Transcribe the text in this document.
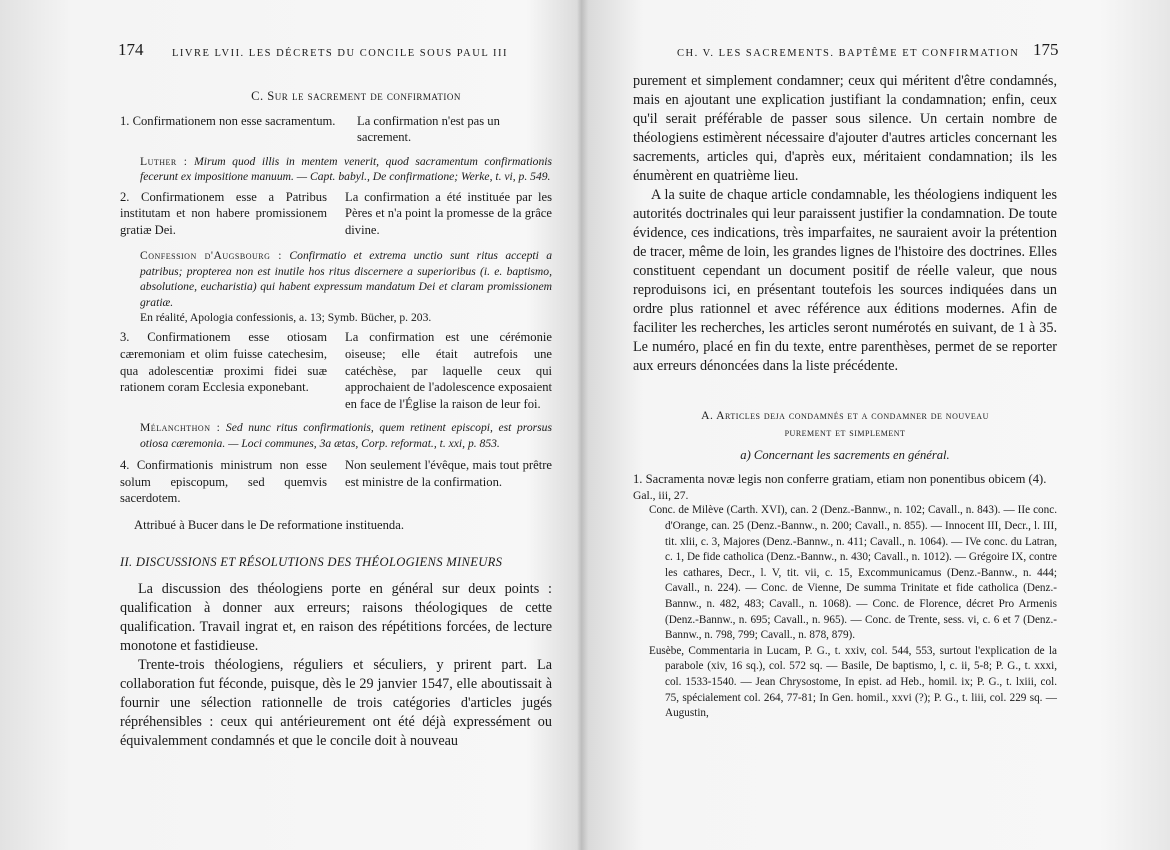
174	LIVRE LVII. LES DÉCRETS DU CONCILE SOUS PAUL III

C. Sur le sacrement de confirmation

1. Confirmationem non esse sacramentum. La confirmation n'est pas un sacrement.

Luther : Mirum quod illis in mentem venerit, quod sacramentum confirmationis fecerunt ex impositione manuum. — Capt. babyl., De confirmatione; Werke, t. vi, p. 549.

2. Confirmationem esse a Patribus institutam et non habere promissionem gratiæ Dei.
La confirmation a été instituée par les Pères et n'a point la promesse de la grâce divine.

Confession d'Augsbourg : Confirmatio et extrema unctio sunt ritus accepti a patribus; propterea non est inutile hos ritus discernere a superioribus (i. e. baptismo, absolutione, eucharistia) qui habent expressum mandatum Dei et claram promissionem gratiæ.

En réalité, Apologia confessionis, a. 13; Symb. Bücher, p. 203.

3. Confirmationem esse otiosam cæremoniam et olim fuisse catechesim, qua adolescentiæ proximi fidei suæ rationem coram Ecclesia exponebant.
La confirmation est une cérémonie oiseuse; elle était autrefois une catéchèse, par laquelle ceux qui approchaient de l'adolescence exposaient en face de l'Église la raison de leur foi.

Mélanchthon : Sed nunc ritus confirmationis, quem retinent episcopi, est prorsus otiosa cæremonia. — Loci communes, 3a ætas, Corp. reformat., t. xxi, p. 853.

4. Confirmationis ministrum non esse solum episcopum, sed quemvis sacerdotem.
Non seulement l'évêque, mais tout prêtre est ministre de la confirmation.

Attribué à Bucer dans le De reformatione instituenda.

II. DISCUSSIONS ET RÉSOLUTIONS DES THÉOLOGIENS MINEURS

La discussion des théologiens porte en général sur deux points : qualification à donner aux erreurs; raisons théologiques de cette qualification. Travail ingrat et, en raison des répétitions forcées, de lecture monotone et fastidieuse.

Trente-trois théologiens, réguliers et séculiers, y prirent part. La collaboration fut féconde, puisque, dès le 29 janvier 1547, elle aboutissait à fournir une sélection rationnelle de trois catégories d'articles jugés répréhensibles : ceux qui antérieurement ont été déjà expressément ou équivalemment condamnés et que le concile doit à nouveau

CH. V. LES SACREMENTS. BAPTÊME ET CONFIRMATION 175

purement et simplement condamner; ceux qui méritent d'être condamnés, mais en ajoutant une explication justifiant la condamnation; enfin, ceux qu'il serait préférable de passer sous silence. Un certain nombre de théologiens estimèrent nécessaire d'ajouter d'autres articles concernant les sacrements, articles qui, d'après eux, méritaient condamnation; ils les énumèrent en quatrième lieu.

A la suite de chaque article condamnable, les théologiens indiquent les autorités doctrinales qui leur paraissent justifier la condamnation. De toute évidence, ces indications, très imparfaites, ne sauraient avoir la prétention de tracer, même de loin, les grandes lignes de l'histoire des doctrines. Elles constituent cependant un document positif de réelle valeur, que nous reproduisons ici, en présentant toutefois les sources indiquées dans un ordre plus rationnel et avec référence aux éditions modernes. Afin de faciliter les recherches, les articles seront numérotés en suivant, de 1 à 35. Le numéro, placé en fin du texte, entre parenthèses, permet de se reporter aux erreurs dénoncées dans la liste précédente.

A. Articles deja condamnés et a condamner de nouveau

purement et simplement

a) Concernant les sacrements en général.

1. Sacramenta novæ legis non conferre gratiam, etiam non ponentibus obicem (4).

Gal., iii, 27.

Conc. de Milève (Carth. XVI), can. 2 (Denz.-Bannw., n. 102; Cavall., n. 843). — IIe conc. d'Orange, can. 25 (Denz.-Bannw., n. 200; Cavall., n. 855). — Innocent III, Decr., l. III, tit. xlii, c. 3, Majores (Denz.-Bannw., n. 411; Cavall., n. 1064). — IVe conc. du Latran, c. 1, De fide catholica (Denz.-Bannw., n. 430; Cavall., n. 1012). — Grégoire IX, contre les cathares, Decr., l. V, tit. vii, c. 15, Excommunicamus (Denz.-Bannw., n. 444; Cavall., n. 224). — Conc. de Vienne, De summa Trinitate et fide catholica (Denz.-Bannw., n. 482, 483; Cavall., n. 1068). — Conc. de Florence, décret Pro Armenis (Denz.-Bannw., n. 695; Cavall., n. 965). — Conc. de Trente, sess. vi, c. 6 et 7 (Denz.-Bannw., n. 798, 799; Cavall., n. 878, 879).

Eusèbe, Commentaria in Lucam, P. G., t. xxiv, col. 544, 553, surtout l'explication de la parabole (xiv, 16 sq.), col. 572 sq. — Basile, De baptismo, l, c. ii, 5-8; P. G., t. xxxi, col. 1533-1540. — Jean Chrysostome, In epist. ad Heb., homil. ix; P. G., t. lxiii, col. 75, spécialement col. 264, 77-81; In Gen. homil., xxvi (?); P. G., t. liii, col. 229 sq. — Augustin,
